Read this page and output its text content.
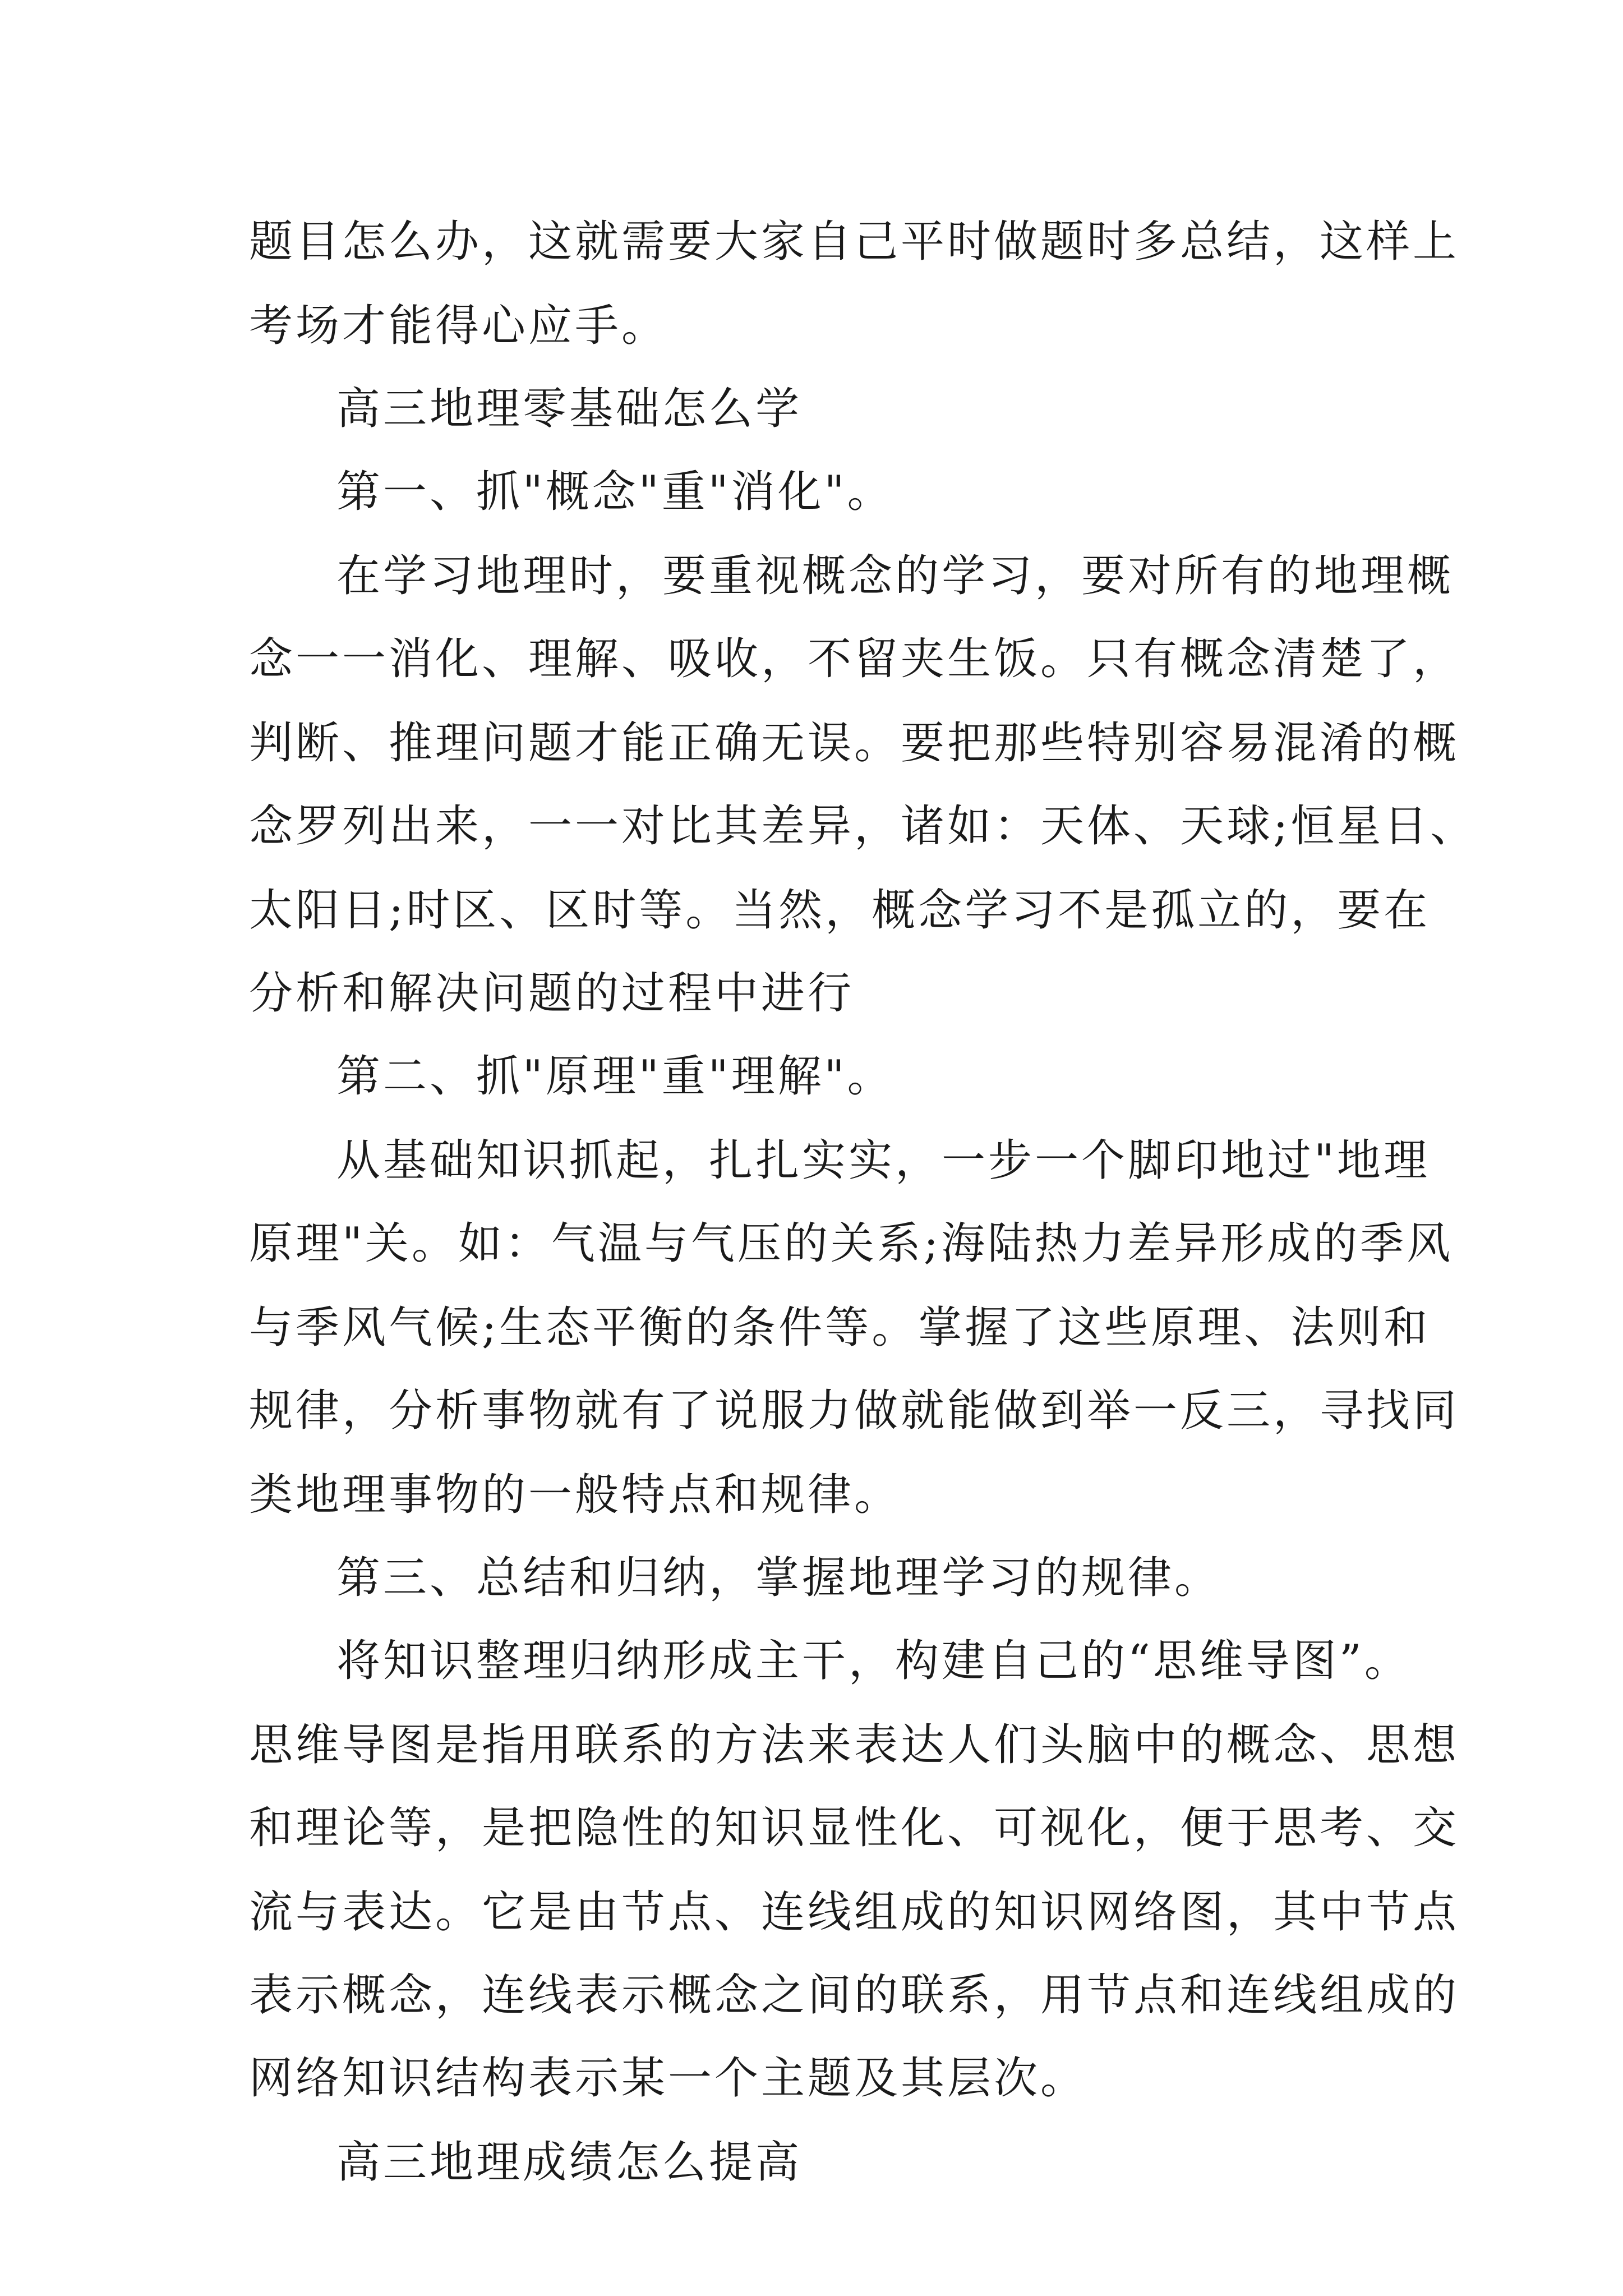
题目怎么办，这就需要大家自己平时做题时多总结，这样上

考场才能得心应手。

高三地理零基础怎么学

第一、抓"概念"重"消化"。

在学习地理时，要重视概念的学习，要对所有的地理概

念一一消化、理解、吸收，不留夹生饭。只有概念清楚了，

判断、推理问题才能正确无误。要把那些特别容易混淆的概

念罗列出来，一一对比其差异，诸如：天体、天球;恒星日、

太阳日;时区、区时等。当然，概念学习不是孤立的，要在

分析和解决问题的过程中进行

第二、抓"原理"重"理解"。

从基础知识抓起，扎扎实实，一步一个脚印地过"地理

原理"关。如：气温与气压的关系;海陆热力差异形成的季风

与季风气候;生态平衡的条件等。掌握了这些原理、法则和

规律，分析事物就有了说服力做就能做到举一反三，寻找同

类地理事物的一般特点和规律。

第三、总结和归纳，掌握地理学习的规律。

将知识整理归纳形成主干，构建自己的“思维导图”。

思维导图是指用联系的方法来表达人们头脑中的概念、思想

和理论等，是把隐性的知识显性化、可视化，便于思考、交

流与表达。它是由节点、连线组成的知识网络图，其中节点

表示概念，连线表示概念之间的联系，用节点和连线组成的

网络知识结构表示某一个主题及其层次。

高三地理成绩怎么提高
